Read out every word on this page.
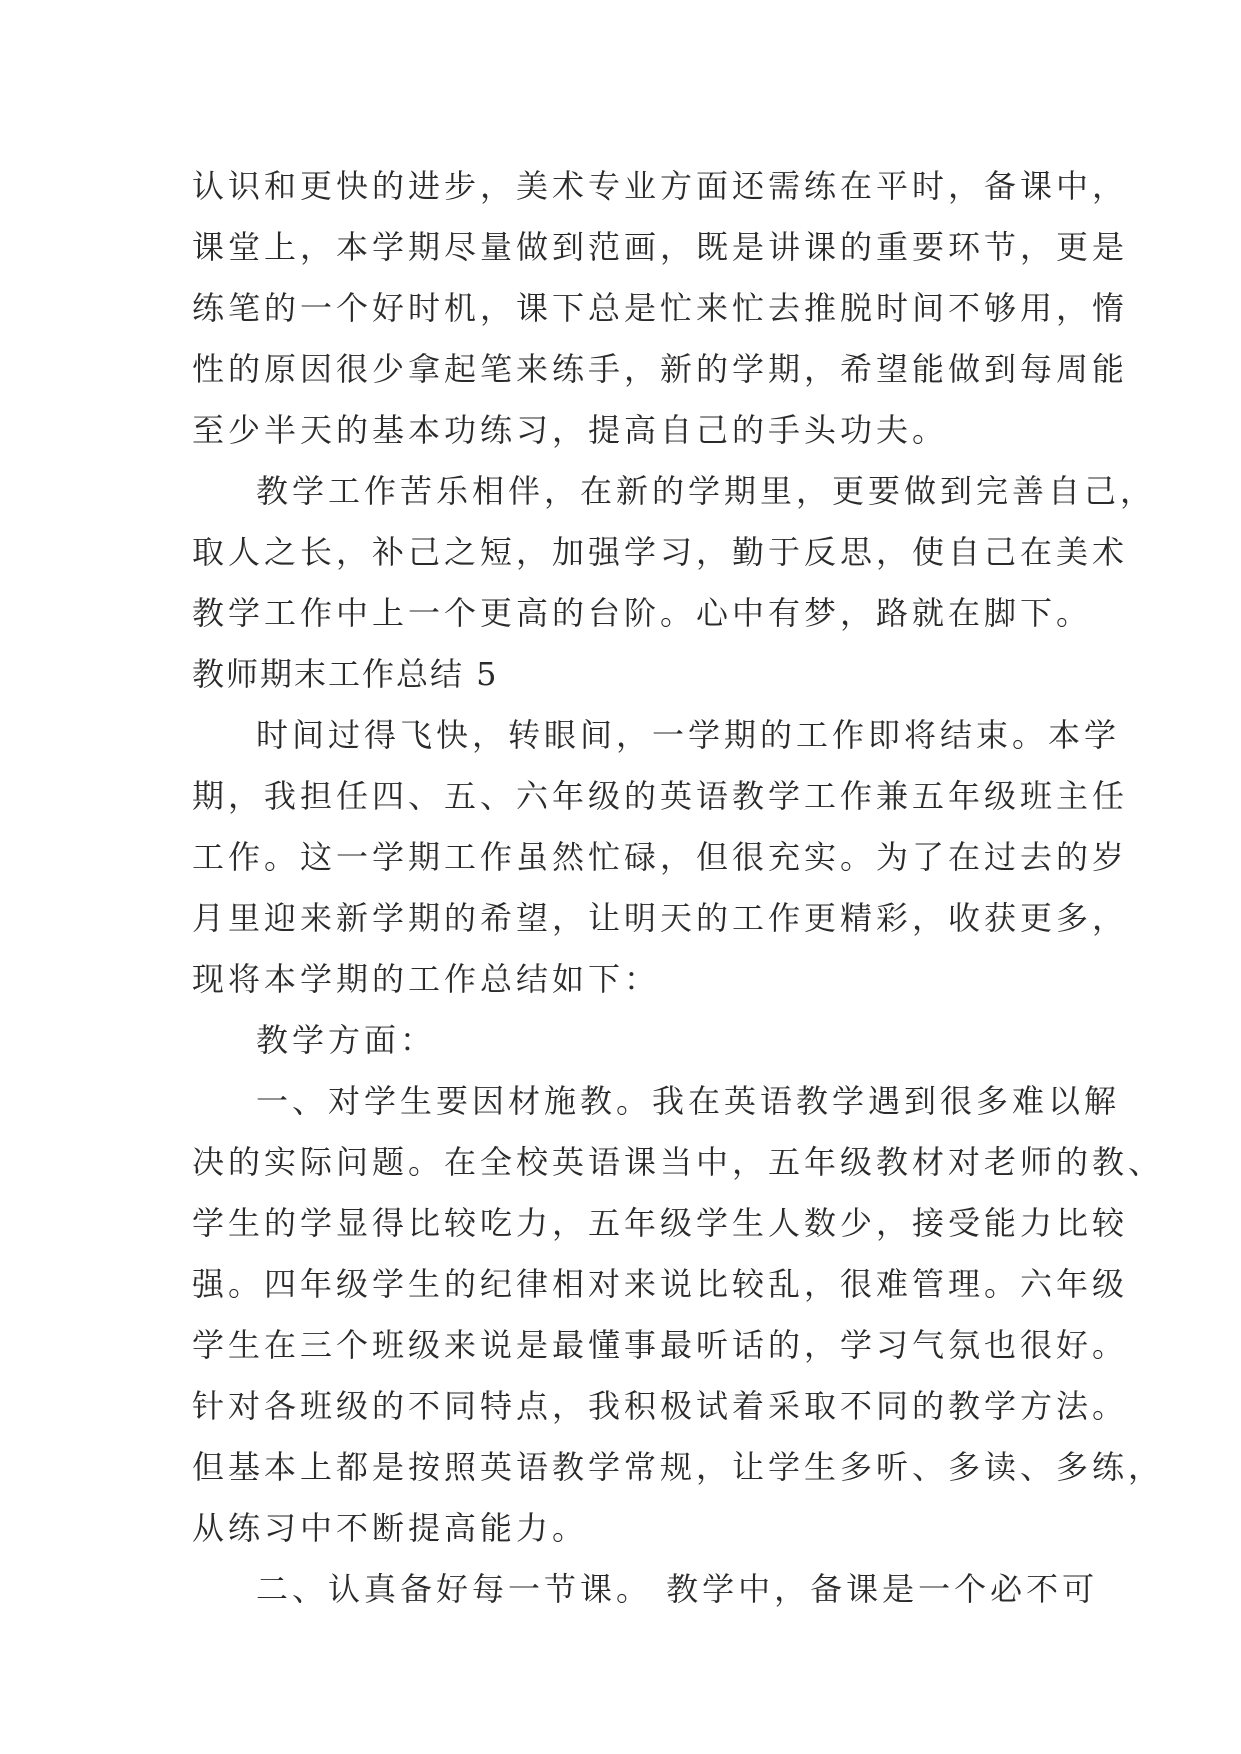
认识和更快的进步，美术专业方面还需练在平时，备课中，
课堂上，本学期尽量做到范画，既是讲课的重要环节，更是
练笔的一个好时机，课下总是忙来忙去推脱时间不够用，惰
性的原因很少拿起笔来练手，新的学期，希望能做到每周能
至少半天的基本功练习，提高自己的手头功夫。
教学工作苦乐相伴，在新的学期里，更要做到完善自己，
取人之长，补己之短，加强学习，勤于反思，使自己在美术
教学工作中上一个更高的台阶。心中有梦，路就在脚下。
教师期末工作总结 5
时间过得飞快，转眼间，一学期的工作即将结束。本学
期，我担任四、五、六年级的英语教学工作兼五年级班主任
工作。这一学期工作虽然忙碌，但很充实。为了在过去的岁
月里迎来新学期的希望，让明天的工作更精彩，收获更多，
现将本学期的工作总结如下：
教学方面：
一、对学生要因材施教。我在英语教学遇到很多难以解
决的实际问题。在全校英语课当中，五年级教材对老师的教、
学生的学显得比较吃力，五年级学生人数少，接受能力比较
强。四年级学生的纪律相对来说比较乱，很难管理。六年级
学生在三个班级来说是最懂事最听话的，学习气氛也很好。
针对各班级的不同特点，我积极试着采取不同的教学方法。
但基本上都是按照英语教学常规，让学生多听、多读、多练，
从练习中不断提高能力。
二、认真备好每一节课。 教学中，备课是一个必不可
